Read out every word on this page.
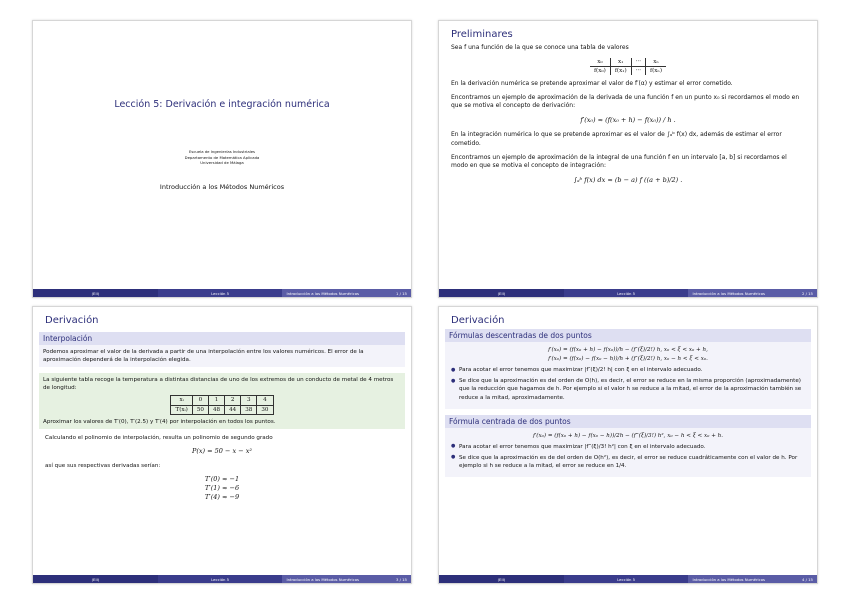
Lección 5: Derivación e integración numérica
Escuela de Ingenierías Industriales
Departamento de Matemática Aplicada
Universidad de Málaga
Introducción a los Métodos Numéricos
(EII)	Lección 5	Introducción a los Métodos Numéricos	1 / 15
Preliminares

Sea f una función de la que se conoce una tabla de valores

x₀	x₁	···	xₙ
f(x₀)	f(x₁)	···	f(xₙ)

En la derivación numérica se pretende aproximar el valor de f′(α) y estimar el error cometido.

Encontramos un ejemplo de aproximación de la derivada de una función f en un punto x₀ si recordamos el modo en que se motiva el concepto de derivación:

f′(x₀) ≈ (f(x₀ + h) − f(x₀)) / h .

En la integración numérica lo que se pretende aproximar es el valor de ∫ₐᵇ f(x) dx, además de estimar el error cometido.

Encontramos un ejemplo de aproximación de la integral de una función f en un intervalo [a, b] si recordamos el modo en que se motiva el concepto de integración:

∫ₐᵇ f(x) dx ≈ (b − a) f ((a + b)/2) .
(EII)	Lección 5	Introducción a los Métodos Numéricos	2 / 15
Derivación
Interpolación
Podemos aproximar el valor de la derivada a partir de una interpolación entre los valores numéricos. El error de la aproximación dependerá de la interpolación elegida.
La siguiente tabla recoge la temperatura a distintas distancias de uno de los extremos de un conducto de metal de 4 metros de longitud:
xᵢ	0	1	2	3	4
T(xᵢ)	50	48	44	38	30
Aproximar los valores de T′(0), T′(2.5) y T′(4) por interpolación en todos los puntos.

Calculando el polinomio de interpolación, resulta un polinomio de segundo grado

P(x) = 50 − x − x²

así que sus respectivas derivadas serían:

T′(0) ≈ −1
T′(1) ≈ −6
T′(4) ≈ −9
(EII)	Lección 5	Introducción a los Métodos Numéricos	3 / 15
Derivación
Fórmulas descentradas de dos puntos
f′(x₀) = (f(x₀ + h) − f(x₀))/h − (f″(ξ)/2!) h, x₀ < ξ < x₀ + h,
f′(x₀) = (f(x₀) − f(x₀ − h))/h + (f″(ξ)/2!) h, x₀ − h < ξ < x₀.
● Para acotar el error tenemos que maximizar |f″(ξ)/2! h| con ξ en el intervalo adecuado.
● Se dice que la aproximación es del orden de O(h), es decir, el error se reduce en la misma proporción (aproximadamente) que la reducción que hagamos de h. Por ejemplo si el valor h se reduce a la mitad, el error de la aproximación también se reduce a la mitad, aproximadamente.
Fórmula centrada de dos puntos
f′(x₀) = (f(x₀ + h) − f(x₀ − h))/2h − (f‴(ξ)/3!) h², x₀ − h < ξ < x₀ + h.
● Para acotar el error tenemos que maximizar |f‴(ξ)/3! h²| con ξ en el intervalo adecuado.
● Se dice que la aproximación es de del orden de O(h²), es decir, el error se reduce cuadráticamente con el valor de h. Por ejemplo si h se reduce a la mitad, el error se reduce en 1/4.
(EII)	Lección 5	Introducción a los Métodos Numéricos	4 / 15
